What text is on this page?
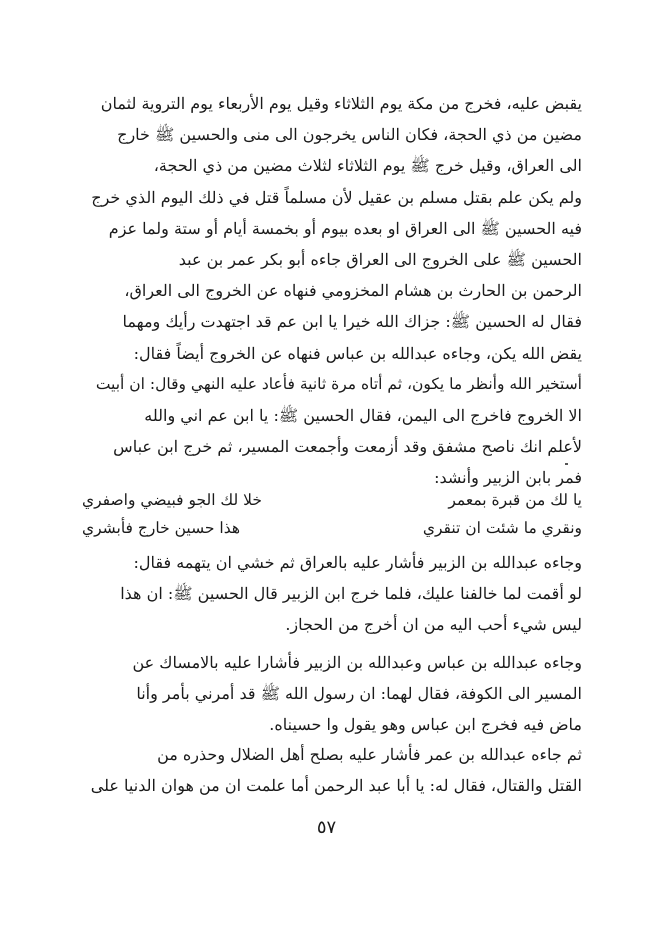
يقبض عليه، فخرج من مكة يوم الثلاثاء وقيل يوم الأربعاء يوم التروية لثمان
مضين من ذي الحجة، فكان الناس يخرجون الى منى والحسين ﷺ خارج
الى العراق، وقيل خرج ﷺ يوم الثلاثاء لثلاث مضين من ذي الحجة،
ولم يكن علم بقتل مسلم بن عقيل لأن مسلماً قتل في ذلك اليوم الذي خرج
فيه الحسين ﷺ الى العراق او بعده بيوم أو بخمسة أيام أو ستة ولما عزم
الحسين ﷺ على الخروج الى العراق جاءه أبو بكر عمر بن عبد
الرحمن بن الحارث بن هشام المخزومي فنهاه عن الخروج الى العراق،
فقال له الحسين ﷺ: جزاك الله خيرا يا ابن عم قد اجتهدت رأيك ومهما
يقض الله يكن، وجاءه عبدالله بن عباس فنهاه عن الخروج أيضاً فقال:
أستخير الله وأنظر ما يكون، ثم أتاه مرة ثانية فأعاد عليه النهي وقال: ان أبيت
الا الخروج فاخرج الى اليمن، فقال الحسين ﷺ: يا ابن عم اني والله
لأعلم انك ناصح مشفق وقد أزمعت وأجمعت المسير، ثم خرج ابن عباس
فمر بابن الزبير وأنشد:
يا لك من قبرة بمعمر
خلا لك الجو فبيضي واصفري
ونقري ما شئت ان تنقري
هذا حسين خارج فأبشري
وجاءه عبدالله بن الزبير فأشار عليه بالعراق ثم خشي ان يتهمه فقال:
لو أقمت لما خالفنا عليك، فلما خرج ابن الزبير قال الحسين ﷺ: ان هذا
ليس شيء أحب اليه من ان أخرج من الحجاز.
وجاءه عبدالله بن عباس وعبدالله بن الزبير فأشارا عليه بالامساك عن
المسير الى الكوفة، فقال لهما: ان رسول الله ﷺ قد أمرني بأمر وأنا
ماض فيه فخرج ابن عباس وهو يقول وا حسيناه.
ثم جاءه عبدالله بن عمر فأشار عليه بصلح أهل الضلال وحذره من
القتل والقتال، فقال له: يا أبا عبد الرحمن أما علمت ان من هوان الدنيا على
٥٧
